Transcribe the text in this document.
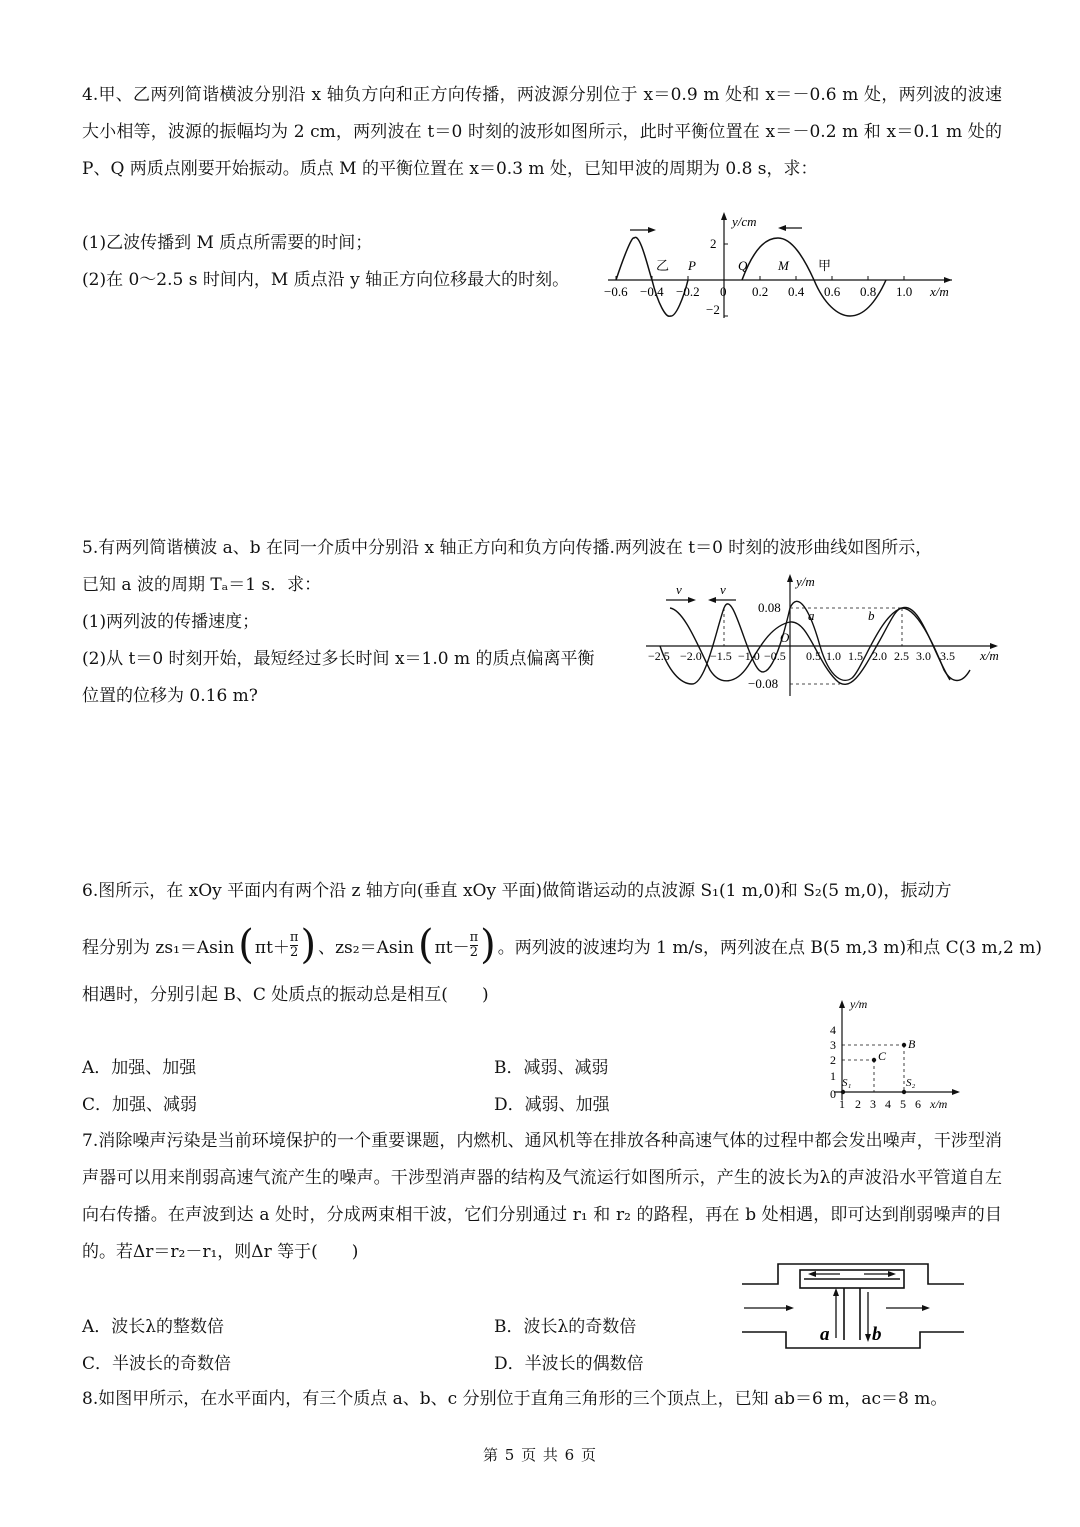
4.甲、乙两列简谐横波分别沿 x 轴负方向和正方向传播，两波源分别位于 x＝0.9 m 处和 x＝－0.6 m 处，两列波的波速大小相等，波源的振幅均为 2 cm，两列波在 t＝0 时刻的波形如图所示，此时平衡位置在 x＝－0.2 m 和 x＝0.1 m 处的 P、Q 两质点刚要开始振动。质点 M 的平衡位置在 x＝0.3 m 处，已知甲波的周期为 0.8 s，求：

(1)乙波传播到 M 质点所需要的时间；

(2)在 0～2.5 s 时间内，M 质点沿 y 轴正方向位移最大的时刻。

y/cm
x/m
2
−2
0
−0.6 −0.4 −0.2	0.2 0.4 0.6 0.8 1.0
乙 P	Q M 甲

5.有两列简谐横波 a、b 在同一介质中分别沿 x 轴正方向和负方向传播.两列波在 t＝0 时刻的波形曲线如图所示，

已知 a 波的周期 Tₐ＝1 s．求：

(1)两列波的传播速度；

(2)从 t＝0 时刻开始，最短经过多长时间 x＝1.0 m 的质点偏离平衡

位置的位移为 0.16 m?

v	v
y/m
x/m
0.08
−0.08
O
a	b
−2.5 −2.0 −1.5 −1.0 −0.5 0.5 1.0 1.5 2.0 2.5 3.0 3.5

6.图所示，在 xOy 平面内有两个沿 z 轴方向(垂直 xOy 平面)做简谐运动的点波源 S₁(1 m,0)和 S₂(5 m,0)，振动方

程分别为 zs₁＝Asin ( $\pi t+ \frac{\pi}{2}$ ) 、zs₂＝Asin ( $\pi t- \frac{\pi}{2}$ ) 。两列波的波速均为 1 m/s，两列波在点 B(5 m,3 m)和点 C(3 m,2 m)

相遇时，分别引起 B、C 处质点的振动总是相互(　　)

A．加强、加强	B．减弱、减弱
C．加强、减弱	D．减弱、加强
y/m
x/m
0
1 2 3 4 5 6
1
2
3
4
B
C
S₁	S₂

7.消除噪声污染是当前环境保护的一个重要课题，内燃机、通风机等在排放各种高速气体的过程中都会发出噪声，干涉型消声器可以用来削弱高速气流产生的噪声。干涉型消声器的结构及气流运行如图所示，产生的波长为λ的声波沿水平管道自左向右传播。在声波到达 a 处时，分成两束相干波，它们分别通过 r₁ 和 r₂ 的路程，再在 b 处相遇，即可达到削弱噪声的目的。若Δr＝r₂－r₁，则Δr 等于(　　)

A．波长λ的整数倍	B．波长λ的奇数倍
C．半波长的奇数倍	D．半波长的偶数倍
a b

8.如图甲所示，在水平面内，有三个质点 a、b、c 分别位于直角三角形的三个顶点上，已知 ab＝6 m，ac＝8 m。

第 5 页 共 6 页
